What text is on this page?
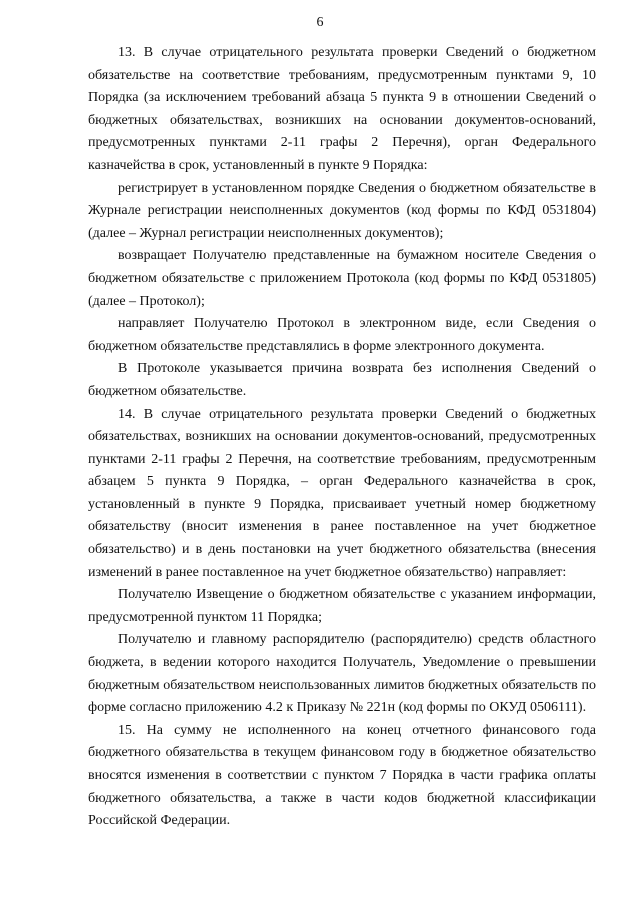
6

13. В случае отрицательного результата проверки Сведений о бюджетном обязательстве на соответствие требованиям, предусмотренным пунктами 9, 10 Порядка (за исключением требований абзаца 5 пункта 9 в отношении Сведений о бюджетных обязательствах, возникших на основании документов-оснований, предусмотренных пунктами 2-11 графы 2 Перечня), орган Федерального казначейства в срок, установленный в пункте 9 Порядка:

регистрирует в установленном порядке Сведения о бюджетном обязательстве в Журнале регистрации неисполненных документов (код формы по КФД 0531804) (далее – Журнал регистрации неисполненных документов);

возвращает Получателю представленные на бумажном носителе Сведения о бюджетном обязательстве с приложением Протокола (код формы по КФД 0531805) (далее – Протокол);

направляет Получателю Протокол в электронном виде, если Сведения о бюджетном обязательстве представлялись в форме электронного документа.

В Протоколе указывается причина возврата без исполнения Сведений о бюджетном обязательстве.

14. В случае отрицательного результата проверки Сведений о бюджетных обязательствах, возникших на основании документов-оснований, предусмотренных пунктами 2-11 графы 2 Перечня, на соответствие требованиям, предусмотренным абзацем 5 пункта 9 Порядка, – орган Федерального казначейства в срок, установленный в пункте 9 Порядка, присваивает учетный номер бюджетному обязательству (вносит изменения в ранее поставленное на учет бюджетное обязательство) и в день постановки на учет бюджетного обязательства (внесения изменений в ранее поставленное на учет бюджетное обязательство) направляет:

Получателю Извещение о бюджетном обязательстве с указанием информации, предусмотренной пунктом 11 Порядка;

Получателю и главному распорядителю (распорядителю) средств областного бюджета, в ведении которого находится Получатель, Уведомление о превышении бюджетным обязательством неиспользованных лимитов бюджетных обязательств по форме согласно приложению 4.2 к Приказу № 221н (код формы по ОКУД 0506111).

15. На сумму не исполненного на конец отчетного финансового года бюджетного обязательства в текущем финансовом году в бюджетное обязательство вносятся изменения в соответствии с пунктом 7 Порядка в части графика оплаты бюджетного обязательства, а также в части кодов бюджетной классификации Российской Федерации.
